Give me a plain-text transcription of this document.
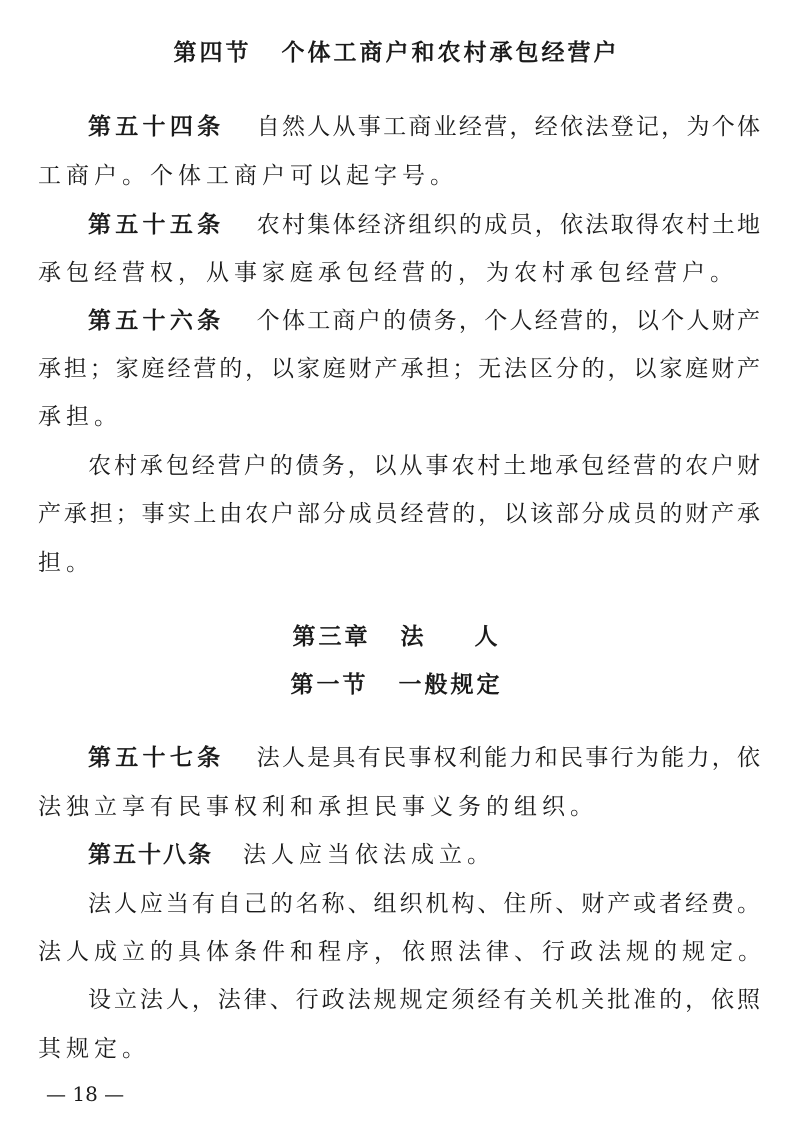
第四节 个体工商户和农村承包经营户
第五十四条 自然人从事工商业经营，经依法登记，为个体
工商户。个体工商户可以起字号。
第五十五条 农村集体经济组织的成员，依法取得农村土地
承包经营权，从事家庭承包经营的，为农村承包经营户。
第五十六条 个体工商户的债务，个人经营的，以个人财产
承担；家庭经营的，以家庭财产承担；无法区分的，以家庭财产
承担。
农村承包经营户的债务，以从事农村土地承包经营的农户财
产承担；事实上由农户部分成员经营的，以该部分成员的财产承
担。
第三章 法 人
第一节 一般规定
第五十七条 法人是具有民事权利能力和民事行为能力，依
法独立享有民事权利和承担民事义务的组织。
第五十八条 法人应当依法成立。
法人应当有自己的名称、组织机构、住所、财产或者经费。
法人成立的具体条件和程序，依照法律、行政法规的规定。
设立法人，法律、行政法规规定须经有关机关批准的，依照
其规定。
— 18 —
